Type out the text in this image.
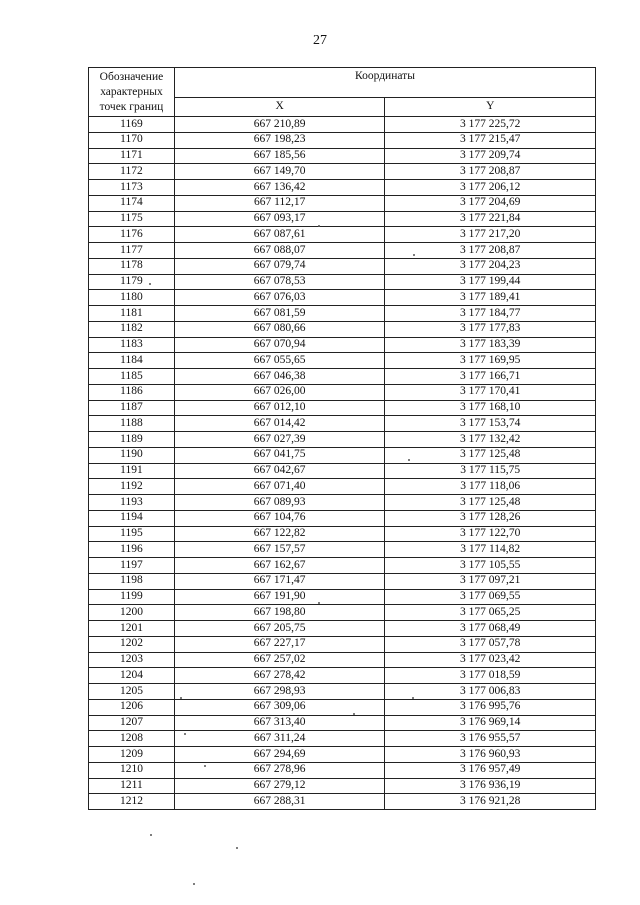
27
Обозначение характерных точек границ	Координаты	
	X	Y
1169	667 210,89	3 177 225,72
1170	667 198,23	3 177 215,47
1171	667 185,56	3 177 209,74
1172	667 149,70	3 177 208,87
1173	667 136,42	3 177 206,12
1174	667 112,17	3 177 204,69
1175	667 093,17	3 177 221,84
1176	667 087,61	3 177 217,20
1177	667 088,07	3 177 208,87
1178	667 079,74	3 177 204,23
1179	667 078,53	3 177 199,44
1180	667 076,03	3 177 189,41
1181	667 081,59	3 177 184,77
1182	667 080,66	3 177 177,83
1183	667 070,94	3 177 183,39
1184	667 055,65	3 177 169,95
1185	667 046,38	3 177 166,71
1186	667 026,00	3 177 170,41
1187	667 012,10	3 177 168,10
1188	667 014,42	3 177 153,74
1189	667 027,39	3 177 132,42
1190	667 041,75	3 177 125,48
1191	667 042,67	3 177 115,75
1192	667 071,40	3 177 118,06
1193	667 089,93	3 177 125,48
1194	667 104,76	3 177 128,26
1195	667 122,82	3 177 122,70
1196	667 157,57	3 177 114,82
1197	667 162,67	3 177 105,55
1198	667 171,47	3 177 097,21
1199	667 191,90	3 177 069,55
1200	667 198,80	3 177 065,25
1201	667 205,75	3 177 068,49
1202	667 227,17	3 177 057,78
1203	667 257,02	3 177 023,42
1204	667 278,42	3 177 018,59
1205	667 298,93	3 177 006,83
1206	667 309,06	3 176 995,76
1207	667 313,40	3 176 969,14
1208	667 311,24	3 176 955,57
1209	667 294,69	3 176 960,93
1210	667 278,96	3 176 957,49
1211	667 279,12	3 176 936,19
1212	667 288,31	3 176 921,28
